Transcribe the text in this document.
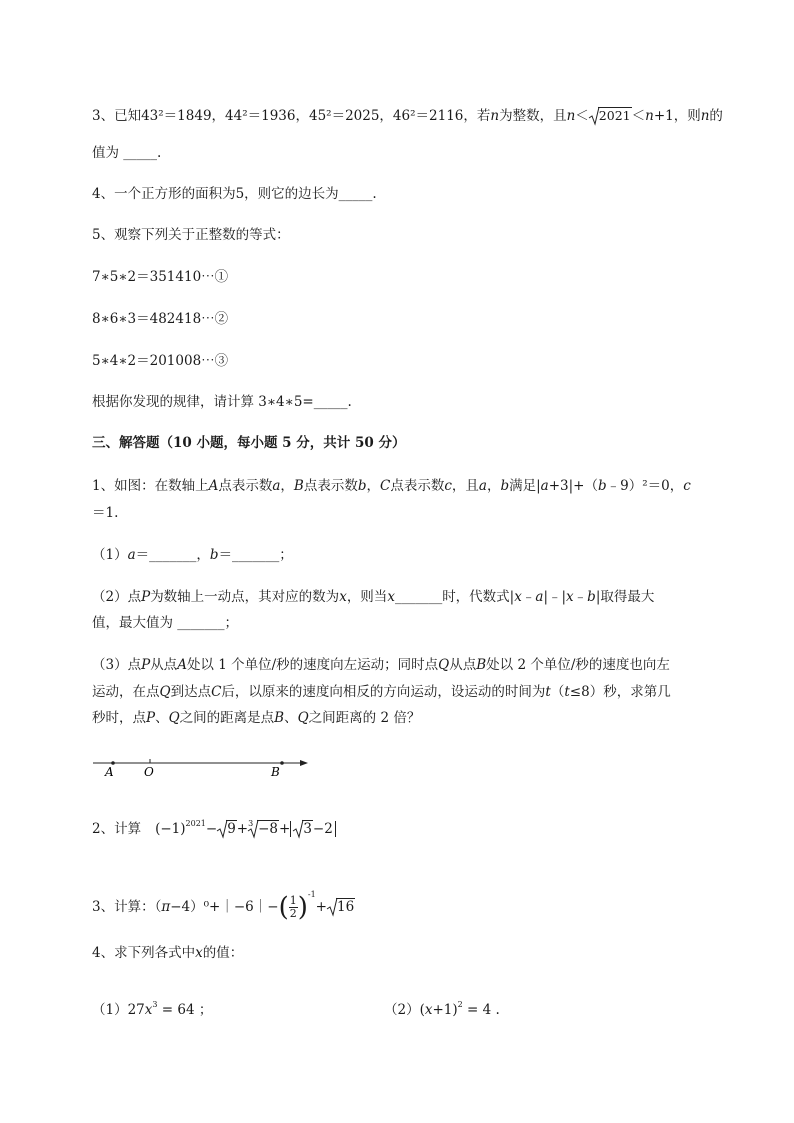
3、已知43²＝1849，44²＝1936，45²＝2025，46²＝2116，若n为整数，且n＜ 2021＜n+1，则n的
值为 _____.
4、一个正方形的面积为5，则它的边长为_____.
5、观察下列关于正整数的等式：
7∗5∗2＝351410⋯①
8∗6∗3＝482418⋯②
5∗4∗2＝201008⋯③
根据你发现的规律，请计算 3∗4∗5=_____.
三、解答题（10 小题，每小题 5 分，共计 50 分）
1、如图：在数轴上A点表示数a，B点表示数b，C点表示数c，且a，b满足|a+3|+（b﹣9）²＝0，c
＝1.
（1）a＝_______，b＝_______；
（2）点P为数轴上一动点，其对应的数为x，则当x_______时，代数式|x﹣a|﹣|x﹣b|取得最大
值，最大值为 _______；
（3）点P从点A处以 1 个单位/秒的速度向左运动；同时点Q从点B处以 2 个单位/秒的速度也向左
运动，在点Q到达点C后，以原来的速度向相反的方向运动，设运动的时间为t（t≤8）秒，求第几
秒时，点P、Q之间的距离是点B、Q之间距离的 2 倍？
A	O	B
2、计算 $(-1)^{2021}- 9+ 3 -8+ 3-2$
3、计算：（π−4）⁰+｜−6｜−( $\frac{1}{2} )^{-1}+ 16$
4、求下列各式中x的值：
$(1)27x^3 = 64$ ；	$(2)(x+1)^2 = 4$ .
